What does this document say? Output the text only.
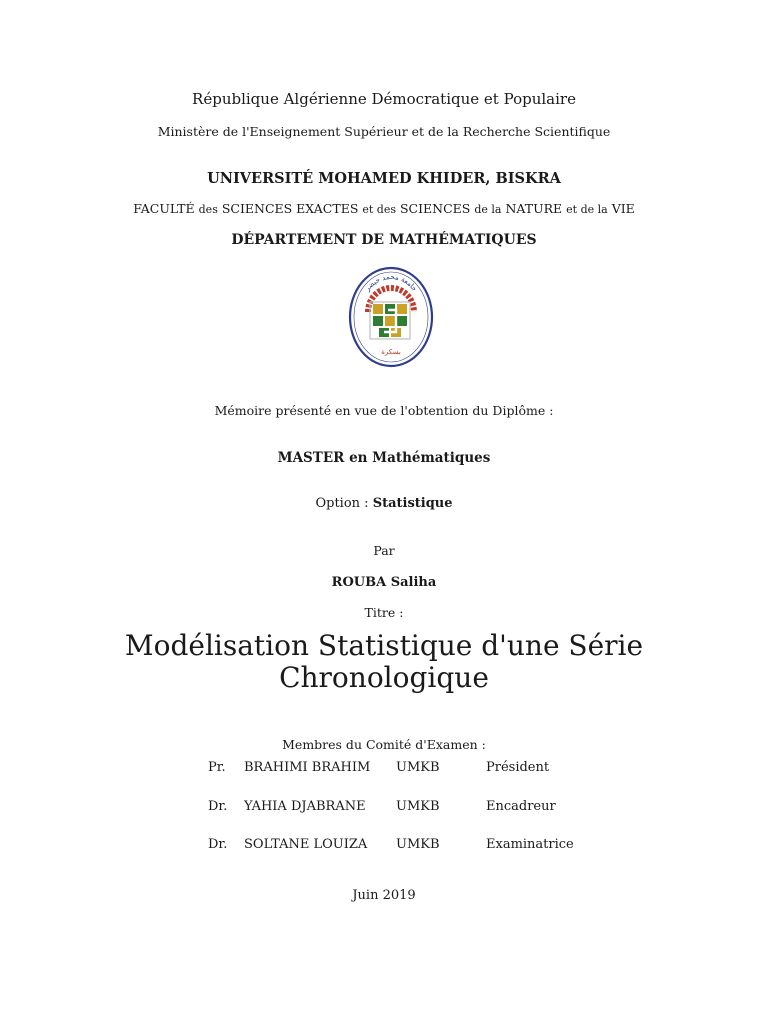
République Algérienne Démocratique et Populaire
Ministère de l'Enseignement Supérieur et de la Recherche Scientifique
UNIVERSITÉ MOHAMED KHIDER, BISKRA
FACULTÉ des SCIENCES EXACTES et des SCIENCES de la NATURE et de la VIE
DÉPARTEMENT DE MATHÉMATIQUES
جامعة محمد خيضر
بسكرة
Mémoire présenté en vue de l'obtention du Diplôme :
MASTER en Mathématiques
Option : Statistique
Par
ROUBA Saliha
Titre :
Modélisation Statistique d'une Série
Chronologique
Membres du Comité d'Examen :
Pr. BRAHIMI BRAHIM UMKB	Président
Dr. YAHIA DJABRANE UMKB	Encadreur
Dr. SOLTANE LOUIZA UMKB	Examinatrice
Juin 2019
